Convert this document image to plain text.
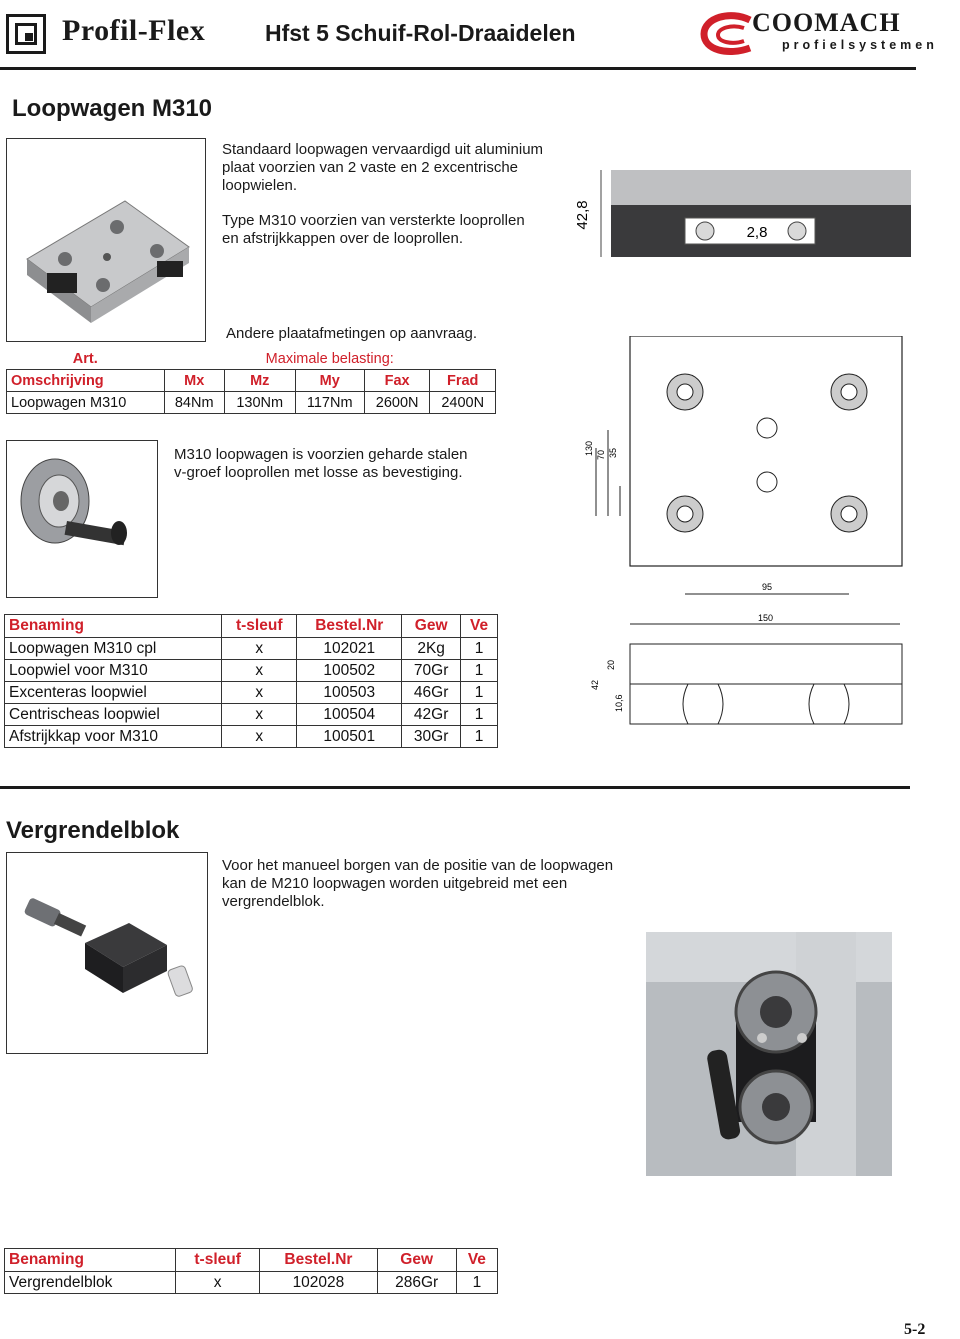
Profil-Flex	Hfst 5 Schuif-Rol-Draaidelen	COOMACH
profielsystemen
Loopwagen M310
Standaard loopwagen vervaardigd uit aluminium
plaat voorzien van 2 vaste en 2 excentrische
loopwielen.
Type M310 voorzien van versterkte looprollen
en afstrijkkappen over de looprollen.
42,8
2,8
Andere plaatafmetingen op aanvraag.
Art.	Maximale belasting:				
Omschrijving	Mx	Mz	My	Fax	Frad
Loopwagen M310	84Nm	130Nm	117Nm	2600N	2400N
130 70 35
95
150
20
42
10,6
M310 loopwagen is voorzien geharde stalen
v-groef looprollen met losse as bevestiging.
Benaming	t-sleuf	Bestel.Nr	Gew	Ve
Loopwagen M310 cpl	x	102021	2Kg	1
Loopwiel voor M310	x	100502	70Gr	1
Excenteras loopwiel	x	100503	46Gr	1
Centrischeas loopwiel	x	100504	42Gr	1
Afstrijkkap voor M310	x	100501	30Gr	1
Vergrendelblok
Voor het manueel borgen van de positie van de loopwagen
kan de M210 loopwagen worden uitgebreid met een
vergrendelblok.
Benaming	t-sleuf	Bestel.Nr	Gew	Ve
Vergrendelblok	x	102028	286Gr	1
5-2
